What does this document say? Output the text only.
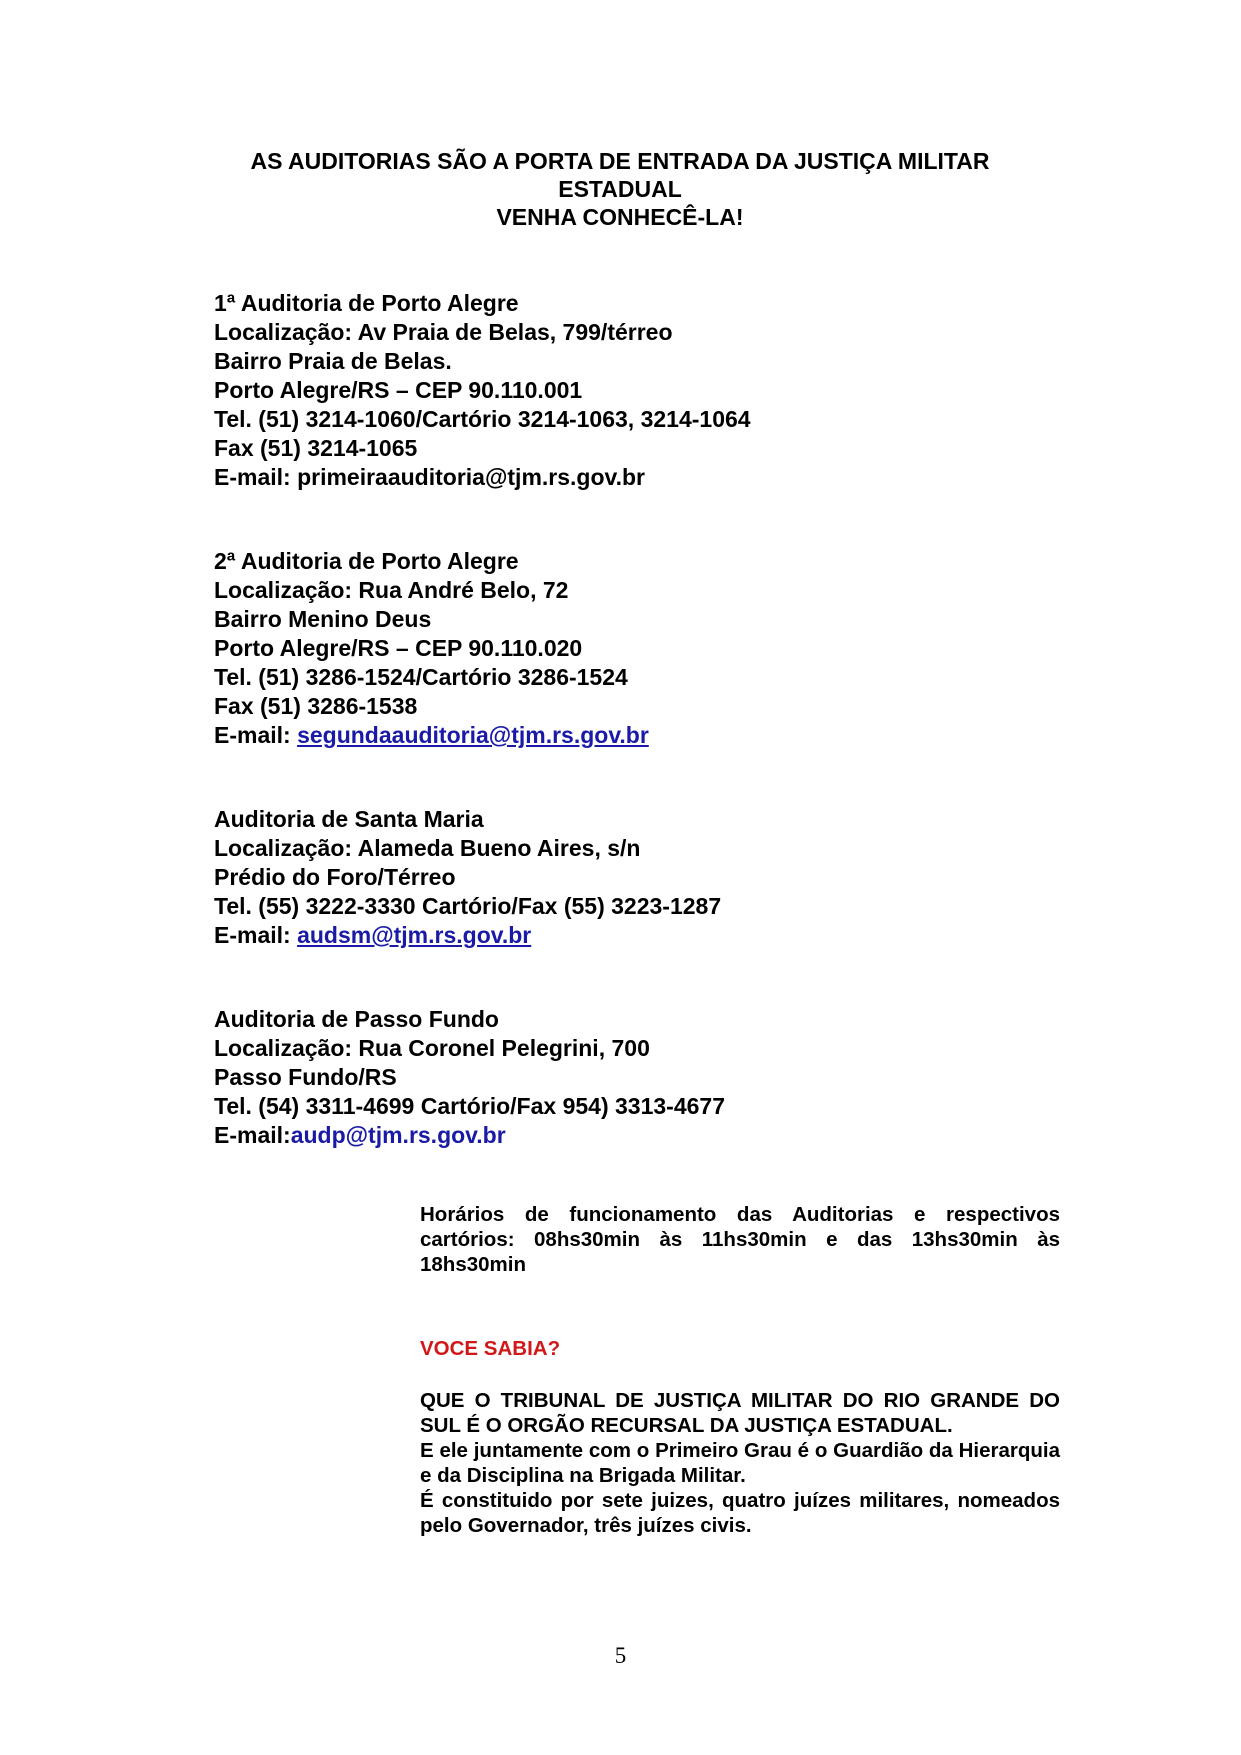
AS AUDITORIAS SÃO A PORTA DE ENTRADA DA JUSTIÇA MILITAR
ESTADUAL
VENHA CONHECÊ-LA!
1ª Auditoria de Porto Alegre
Localização: Av Praia de Belas, 799/térreo
Bairro Praia de Belas.
Porto Alegre/RS – CEP 90.110.001
Tel. (51) 3214-1060/Cartório 3214-1063, 3214-1064
Fax (51) 3214-1065
E-mail: primeiraauditoria@tjm.rs.gov.br
2ª Auditoria de Porto Alegre
Localização: Rua André Belo, 72
Bairro Menino Deus
Porto Alegre/RS – CEP 90.110.020
Tel. (51) 3286-1524/Cartório 3286-1524
Fax (51) 3286-1538
E-mail: segundaauditoria@tjm.rs.gov.br
Auditoria de Santa Maria
Localização: Alameda Bueno Aires, s/n
Prédio do Foro/Térreo
Tel. (55) 3222-3330 Cartório/Fax (55) 3223-1287
E-mail: audsm@tjm.rs.gov.br
Auditoria de Passo Fundo
Localização: Rua Coronel Pelegrini, 700
Passo Fundo/RS
Tel. (54) 3311-4699 Cartório/Fax 954) 3313-4677
E-mail:audp@tjm.rs.gov.br
Horários de funcionamento das Auditorias e respectivos cartórios: 08hs30min às 11hs30min e das 13hs30min às 18hs30min
VOCE SABIA?
QUE O TRIBUNAL DE JUSTIÇA MILITAR DO RIO GRANDE DO SUL É O ORGÃO RECURSAL DA JUSTIÇA ESTADUAL.
E ele juntamente com o Primeiro Grau é o Guardião da Hierarquia e da Disciplina na Brigada Militar.
É constituido por sete juizes, quatro juízes militares, nomeados pelo Governador, três juízes civis.
5
